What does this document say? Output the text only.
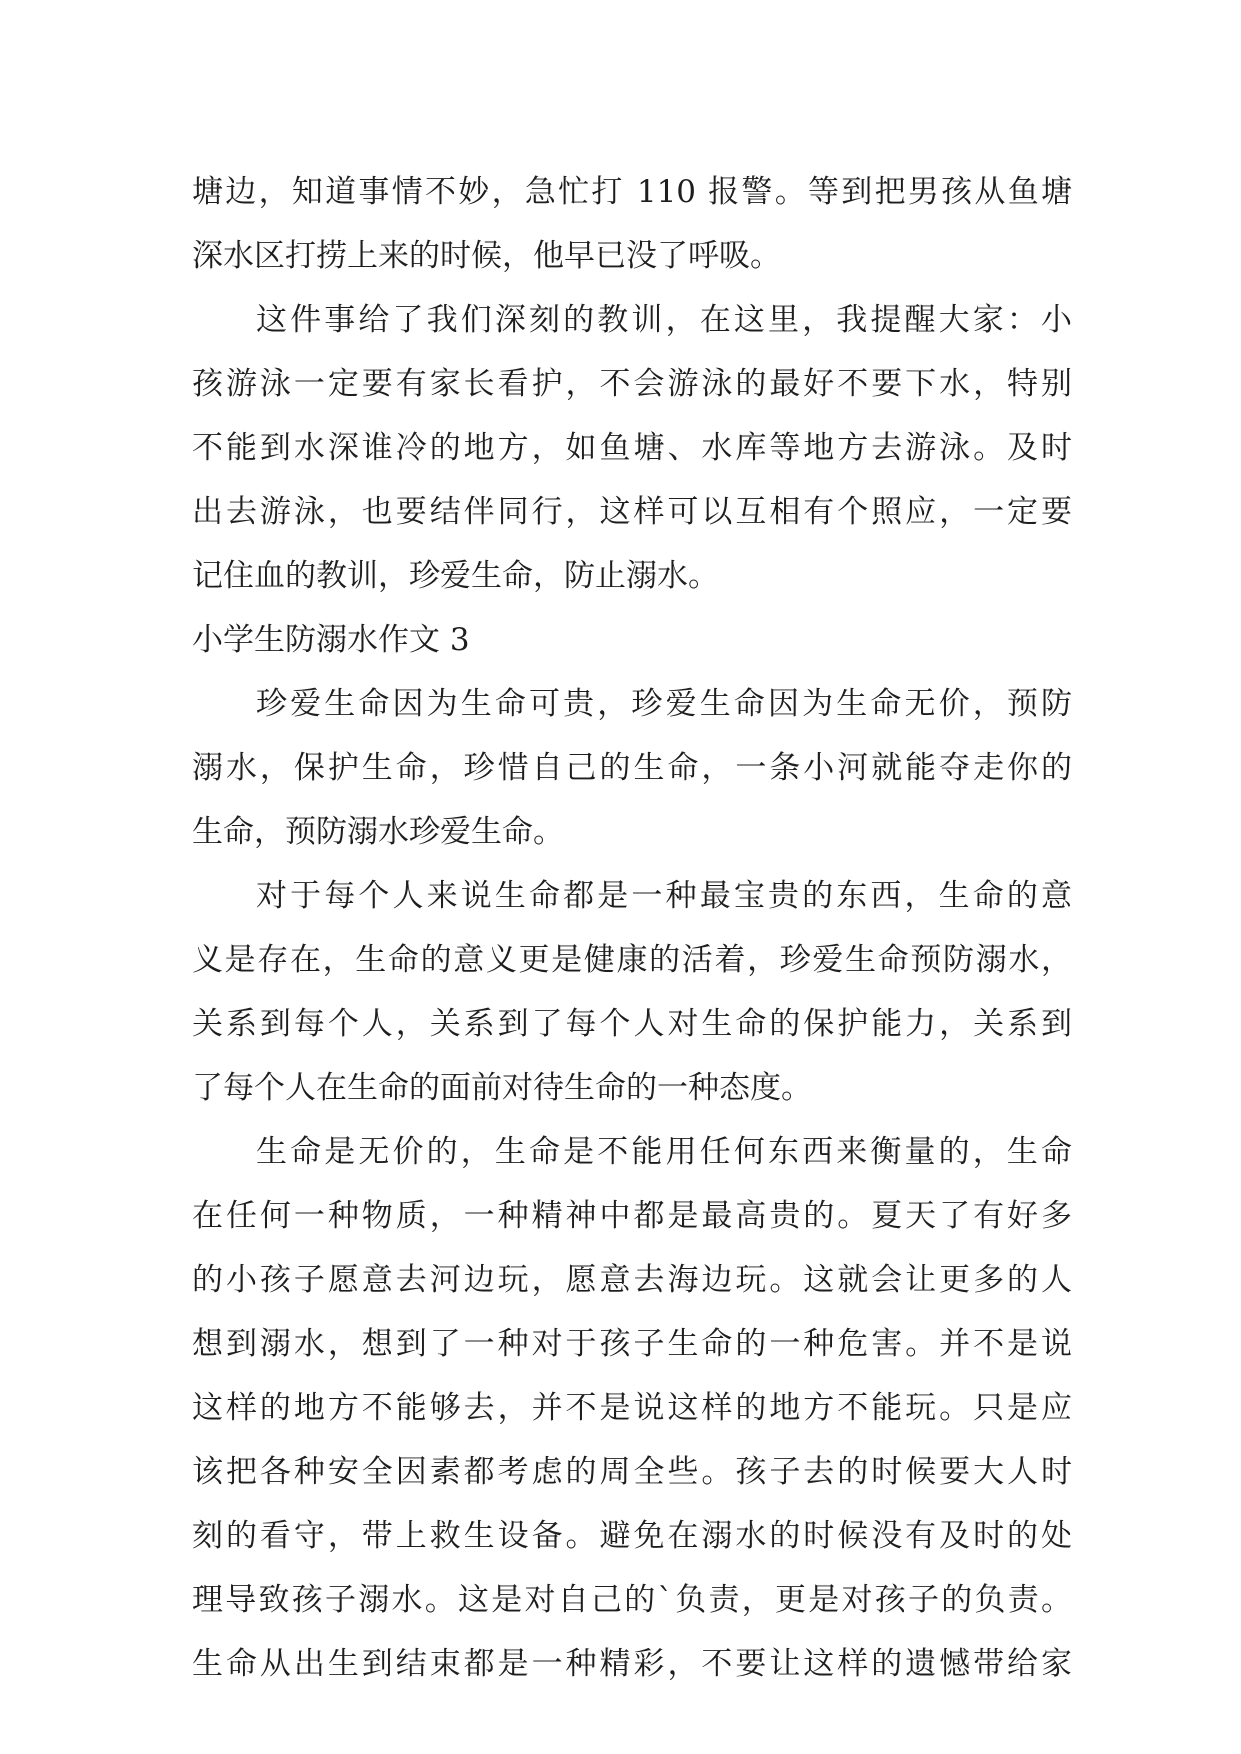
塘边，知道事情不妙，急忙打 110 报警。等到把男孩从鱼塘
深水区打捞上来的时候，他早已没了呼吸。
这件事给了我们深刻的教训，在这里，我提醒大家：小
孩游泳一定要有家长看护，不会游泳的最好不要下水，特别
不能到水深谁冷的地方，如鱼塘、水库等地方去游泳。及时
出去游泳，也要结伴同行，这样可以互相有个照应，一定要
记住血的教训，珍爱生命，防止溺水。
小学生防溺水作文 3
珍爱生命因为生命可贵，珍爱生命因为生命无价，预防
溺水，保护生命，珍惜自己的生命，一条小河就能夺走你的
生命，预防溺水珍爱生命。
对于每个人来说生命都是一种最宝贵的东西，生命的意
义是存在，生命的意义更是健康的活着，珍爱生命预防溺水，
关系到每个人，关系到了每个人对生命的保护能力，关系到
了每个人在生命的面前对待生命的一种态度。
生命是无价的，生命是不能用任何东西来衡量的，生命
在任何一种物质，一种精神中都是最高贵的。夏天了有好多
的小孩子愿意去河边玩，愿意去海边玩。这就会让更多的人
想到溺水，想到了一种对于孩子生命的一种危害。并不是说
这样的地方不能够去，并不是说这样的地方不能玩。只是应
该把各种安全因素都考虑的周全些。孩子去的时候要大人时
刻的看守，带上救生设备。避免在溺水的时候没有及时的处
理导致孩子溺水。这是对自己的`负责，更是对孩子的负责。
生命从出生到结束都是一种精彩，不要让这样的遗憾带给家
